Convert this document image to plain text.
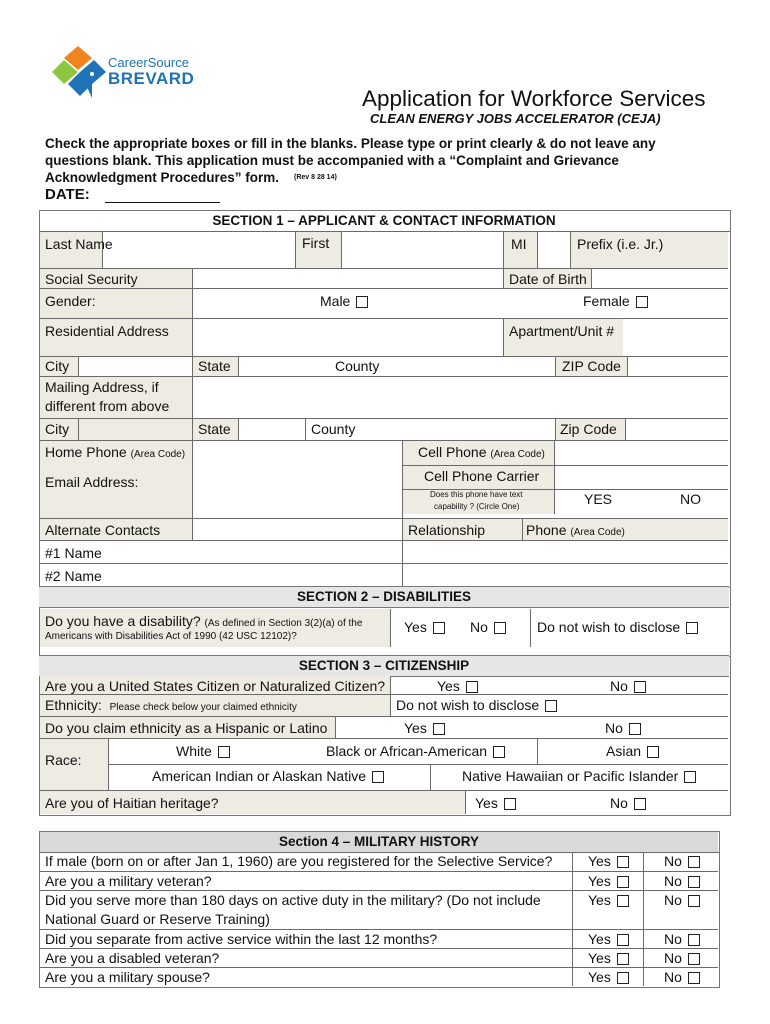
CareerSource
BREVARD
Application for Workforce Services
CLEAN ENERGY JOBS ACCELERATOR (CEJA)
Check the appropriate boxes or fill in the blanks. Please type or print clearly & do not leave any
questions blank. This application must be accompanied with a “Complaint and Grievance
Acknowledgment Procedures” form. (Rev 8 28 14)
DATE:
SECTION 1 – APPLICANT & CONTACT INFORMATION
Last Name	First	MI	Prefix (i.e. Jr.)
Social Security	Date of Birth
Gender:	Male	Female
Residential Address	Apartment/Unit #
City	State	County	ZIP Code
Mailing Address, if
different from above
City	State	County	Zip Code
Home Phone (Area Code)	Cell Phone (Area Code)
Email Address:	Cell Phone Carrier
Does this phone have text
capability ? (Circle One)	YES	NO
Alternate Contacts	Relationship	Phone (Area Code)
#1 Name
#2 Name
SECTION 2 – DISABILITIES
Do you have a disability? (As defined in Section 3(2)(a) of the
Americans with Disabilities Act of 1990 (42 USC 12102)?
Yes	No	Do not wish to disclose
SECTION 3 – CITIZENSHIP
Are you a United States Citizen or Naturalized Citizen?	Yes	No
Ethnicity: Please check below your claimed ethnicity	Do not wish to disclose
Do you claim ethnicity as a Hispanic or Latino	Yes	No
Race:
White	Black or African-American	Asian
American Indian or Alaskan Native	Native Hawaiian or Pacific Islander
Are you of Haitian heritage?	Yes	No
Section 4 – MILITARY HISTORY
If male (born on or after Jan 1, 1960) are you registered for the Selective Service?	Yes	No
Are you a military veteran?	Yes	No
Did you serve more than 180 days on active duty in the military? (Do not include
National Guard or Reserve Training)
Yes	No
Did you separate from active service within the last 12 months?	Yes	No
Are you a disabled veteran?	Yes	No
Are you a military spouse?	Yes	No
